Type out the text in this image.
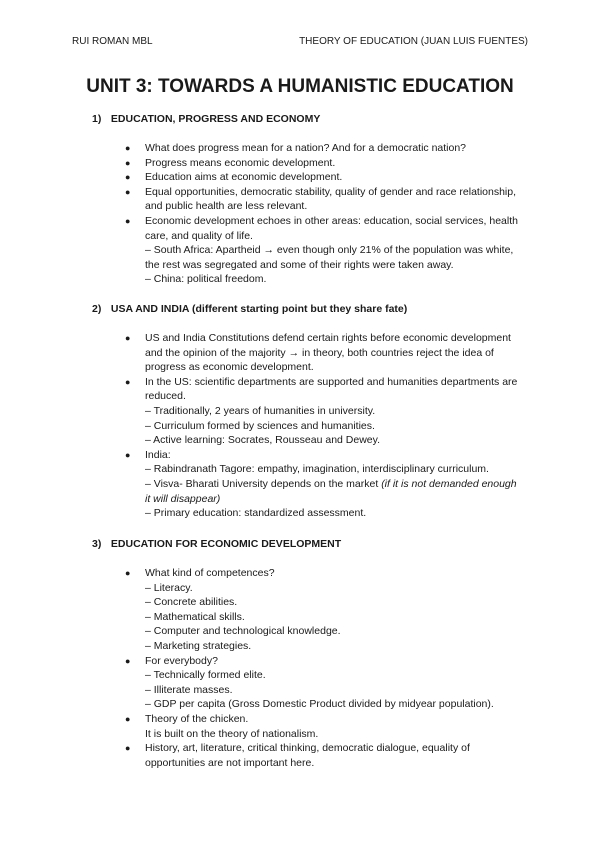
RUI ROMAN MBL	THEORY OF EDUCATION (JUAN LUIS FUENTES)
UNIT 3: TOWARDS A HUMANISTIC EDUCATION
1) EDUCATION, PROGRESS AND ECONOMY
● What does progress mean for a nation? And for a democratic nation?
● Progress means economic development.
● Education aims at economic development.
● Equal opportunities, democratic stability, quality of gender and race relationship, and public health are less relevant.
● Economic development echoes in other areas: education, social services, health care, and quality of life.
– South Africa: Apartheid → even though only 21% of the population was white, the rest was segregated and some of their rights were taken away.
– China: political freedom.
2) USA AND INDIA (different starting point but they share fate)
● US and India Constitutions defend certain rights before economic development and the opinion of the majority → in theory, both countries reject the idea of progress as economic development.
● In the US: scientific departments are supported and humanities departments are reduced.
– Traditionally, 2 years of humanities in university.
– Curriculum formed by sciences and humanities.
– Active learning: Socrates, Rousseau and Dewey.
● India:
– Rabindranath Tagore: empathy, imagination, interdisciplinary curriculum.
– Visva- Bharati University depends on the market (if it is not demanded enough it will disappear)
– Primary education: standardized assessment.
3) EDUCATION FOR ECONOMIC DEVELOPMENT
● What kind of competences?
– Literacy.
– Concrete abilities.
– Mathematical skills.
– Computer and technological knowledge.
– Marketing strategies.
● For everybody?
– Technically formed elite.
– Illiterate masses.
– GDP per capita (Gross Domestic Product divided by midyear population).
● Theory of the chicken.
It is built on the theory of nationalism.
● History, art, literature, critical thinking, democratic dialogue, equality of opportunities are not important here.
